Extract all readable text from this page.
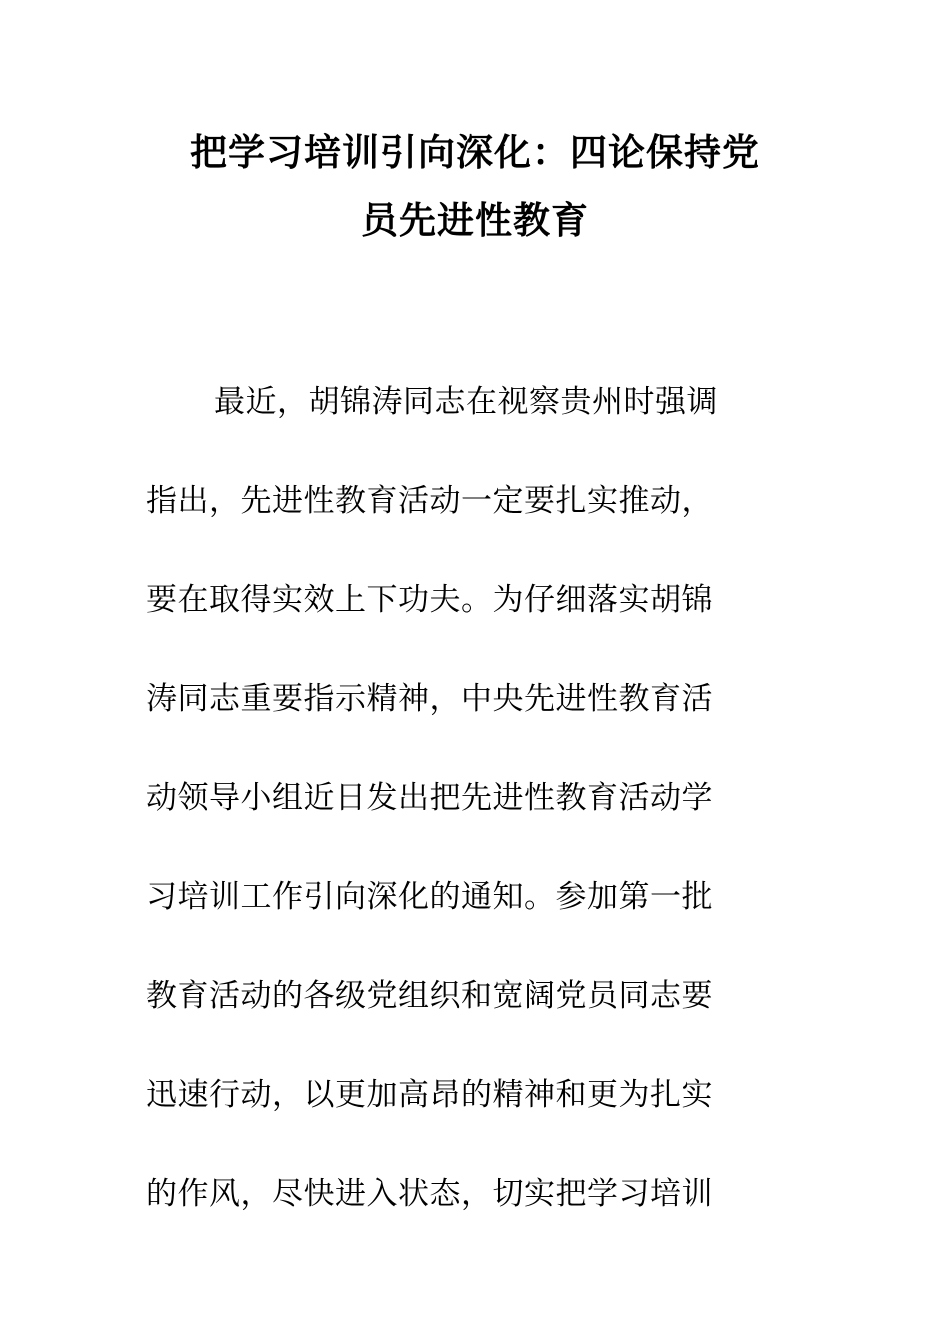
把学习培训引向深化：四论保持党
员先进性教育
最近，胡锦涛同志在视察贵州时强调
指出，先进性教育活动一定要扎实推动，
要在取得实效上下功夫。为仔细落实胡锦
涛同志重要指示精神，中央先进性教育活
动领导小组近日发出把先进性教育活动学
习培训工作引向深化的通知。参加第一批
教育活动的各级党组织和宽阔党员同志要
迅速行动，以更加高昂的精神和更为扎实
的作风，尽快进入状态，切实把学习培训
